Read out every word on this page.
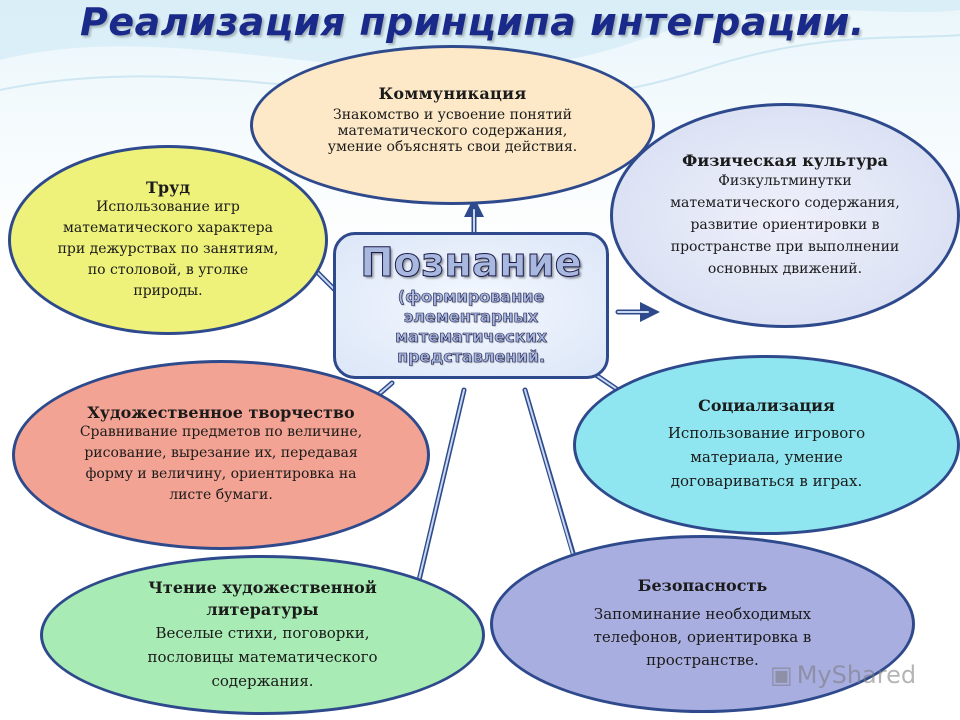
Реализация принципа интеграции.
Коммуникация
Знакомство и усвоение понятий математического содержания, умение объяснять свои действия.
Труд
Использование игр математического характера при дежурствах по занятиям, по столовой, в уголке природы.
Физическая культура
Физкультминутки математического содержания, развитие ориентировки в пространстве при выполнении основных движений.
Познание
(формирование элементарных математических представлений.
Художественное творчество
Сравнивание предметов по величине, рисование, вырезание их, передавая форму и величину, ориентировка на листе бумаги.
Социализация
Использование игрового материала, умение договариваться в играх.
Чтение художественной литературы
Веселые стихи, поговорки, пословицы математического содержания.
Безопасность
Запоминание необходимых телефонов, ориентировка в пространстве.
▣ MyShared
